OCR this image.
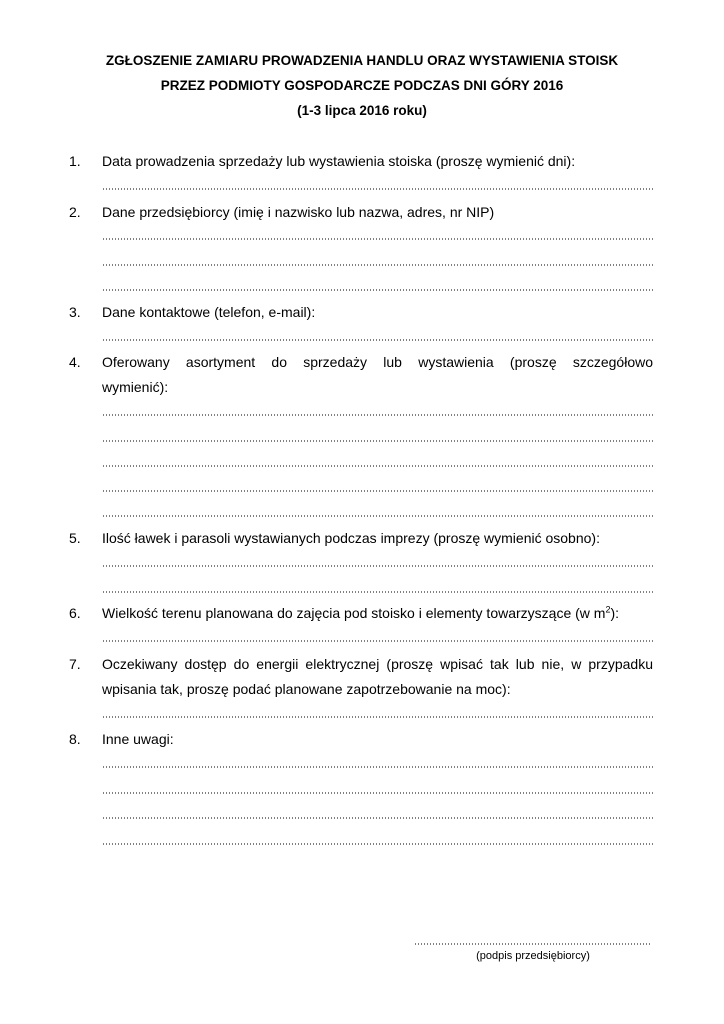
ZGŁOSZENIE ZAMIARU PROWADZENIA HANDLU ORAZ WYSTAWIENIA STOISK
PRZEZ PODMIOTY GOSPODARCZE PODCZAS DNI GÓRY 2016
(1-3 lipca 2016 roku)
1. Data prowadzenia sprzedaży lub wystawienia stoiska (proszę wymienić dni):
2. Dane przedsiębiorcy (imię i nazwisko lub nazwa, adres, nr NIP)
3. Dane kontaktowe (telefon, e-mail):
4. Oferowany asortyment do sprzedaży lub wystawienia (proszę szczegółowo
wymienić):
5. Ilość ławek i parasoli wystawianych podczas imprezy (proszę wymienić osobno):
6. Wielkość terenu planowana do zajęcia pod stoisko i elementy towarzyszące (w $m^2$):
7. Oczekiwany dostęp do energii elektrycznej (proszę wpisać tak lub nie, w przypadku
wpisania tak, proszę podać planowane zapotrzebowanie na moc):
8. Inne uwagi:
(podpis przedsiębiorcy)
